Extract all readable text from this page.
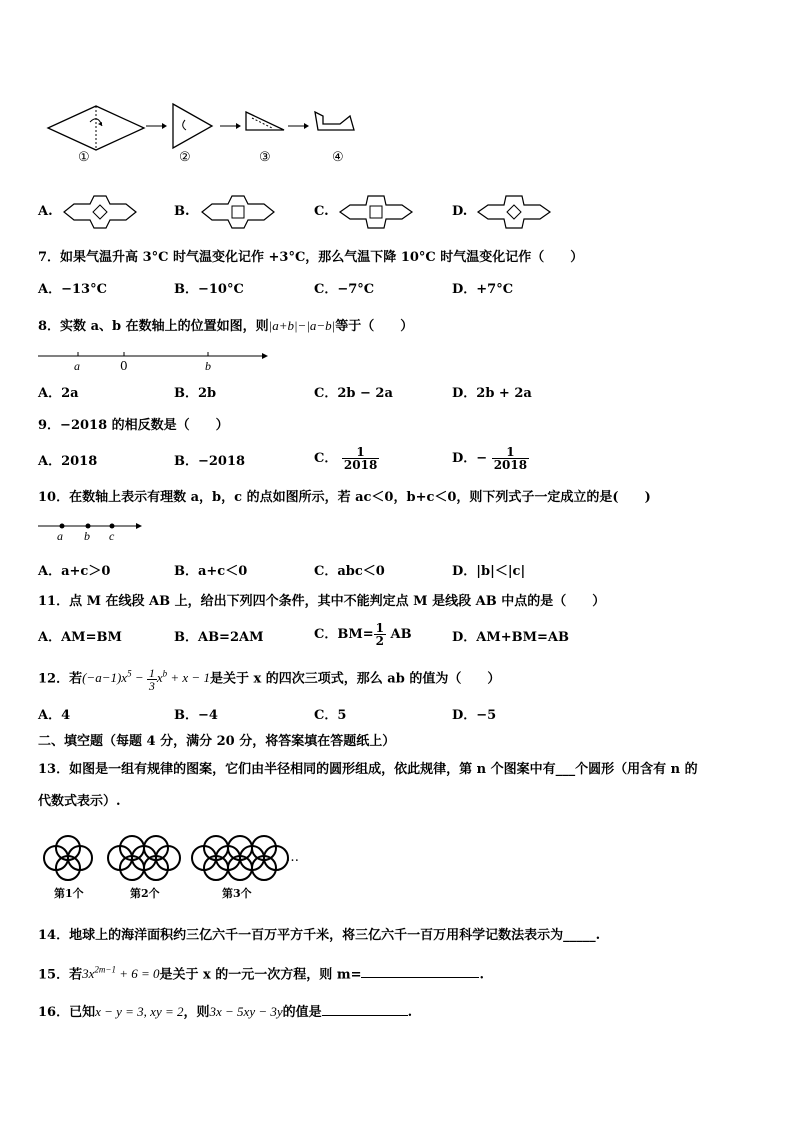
①	②	③	④
A.	B.	C.	D.
7．如果气温升高 3°C 时气温变化记作 +3°C，那么气温下降 10°C 时气温变化记作（　　）
A．−13°C	B．−10°C	C．−7°C	D．+7°C
8．实数 a、b 在数轴上的位置如图，则|a+b|−|a−b|等于（　　）
a	0	b
A．2a	B．2b	C．2b − 2a	D．2b + 2a
9．−2018 的相反数是（　　）
A．2018	B．−2018	C． $\frac{1}{2018}$	D．− $\frac{1}{2018}$
10．在数轴上表示有理数 a，b，c 的点如图所示，若 ac＜0，b+c＜0，则下列式子一定成立的是(　　)
a b c
A．a+c＞0	B．a+c＜0	C．abc＜0	D．|b|＜|c|
11．点 M 在线段 AB 上，给出下列四个条件，其中不能判定点 M 是线段 AB 中点的是（　　）
A．AM=BM	B．AB=2AM	C．$BM= \frac{1}{2}$ AB	D．AM+BM=AB
12．若$(-a-1)x^5 - \frac{1}{3} x^b + x - 1$是关于 x 的四次三项式，那么 ab 的值为（　　）
A．4	B．−4	C．5	D．−5
二、填空题（每题 4 分，满分 20 分，将答案填在答题纸上）
13．如图是一组有规律的图案，它们由半径相同的圆形组成，依此规律，第 n 个图案中有___个圆形（用含有 n 的
代数式表示）.
…
第1个	第2个	第3个
14．地球上的海洋面积约三亿六千一百万平方千米，将三亿六千一百万用科学记数法表示为_____.
15．若$3x^{2m-1} + 6 = 0$是关于 x 的一元一次方程，则 m=	.
16．已知x − y = 3, xy = 2，则3x − 5xy − 3y的值是	.
